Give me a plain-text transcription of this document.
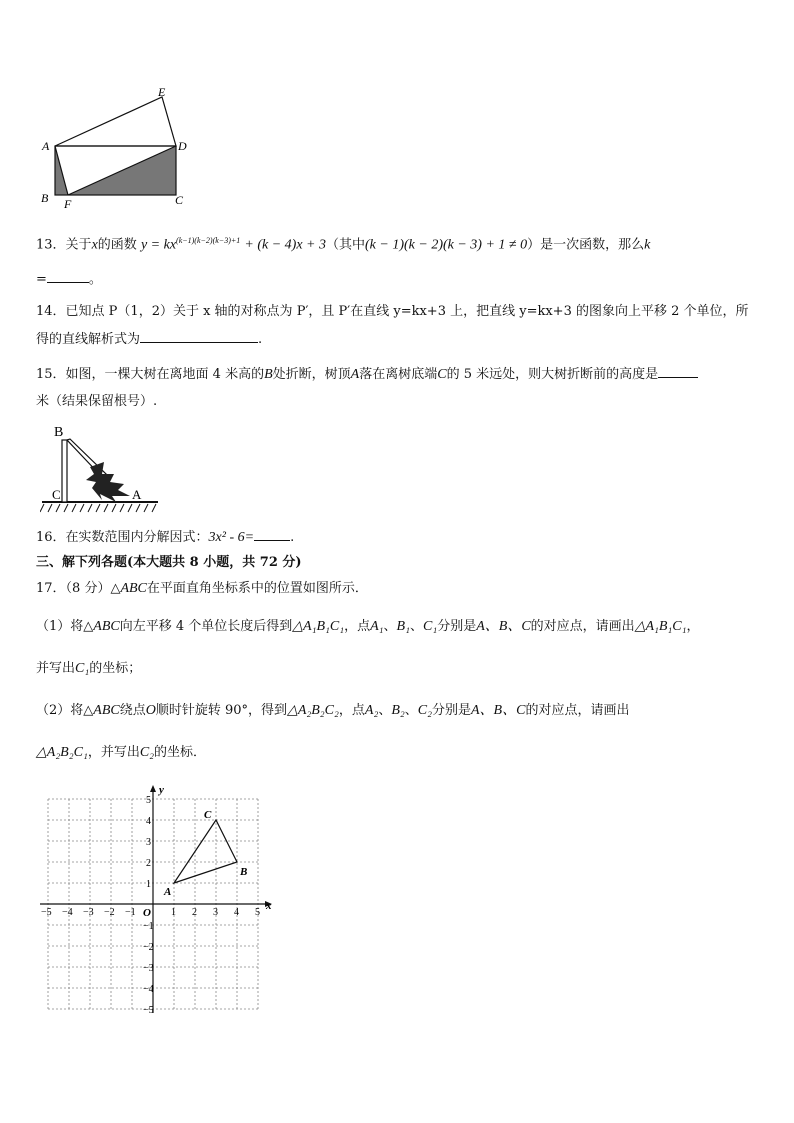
A
E
D
B F	C
13．关于x的函数 $y = kx^{(k-1)(k-2)(k-3)+1} + (k - 4)x + 3$（其中(k − 1)(k − 2)(k − 3) + 1 ≠ 0）是一次函数，那么k
=	。
14．已知点 P（1，2）关于 x 轴的对称点为 P′，且 P′在直线 y=kx+3 上，把直线 y=kx+3 的图象向上平移 2 个单位，所
得的直线解析式为	.
15．如图，一棵大树在离地面 4 米高的B处折断，树顶A落在离树底端C的 5 米远处，则大树折断前的高度是
米（结果保留根号）.
B
C	A
16．在实数范围内分解因式：3x² - 6=	.
三、解下列各题(本大题共 8 小题，共 72 分)
17．（8 分）△ABC在平面直角坐标系中的位置如图所示．
（1）将△ABC向左平移 4 个单位长度后得到△A₁B₁C₁，点A₁、B₁、C₁分别是A、B、C的对应点，请画出△A₁B₁C₁，
并写出C₁的坐标；
（2）将△ABC绕点O顺时针旋转 90°，得到△A₂B₂C₂，点A₂、B₂、C₂分别是A、B、C的对应点，请画出
△A₂B₂C₁，并写出C₂的坐标．
x
y
O
−5 −4 −3 −2 −1	1 2 3 4 5
5
4
3
2
1
−1
−2
−3
−4
−5
A
B
C
